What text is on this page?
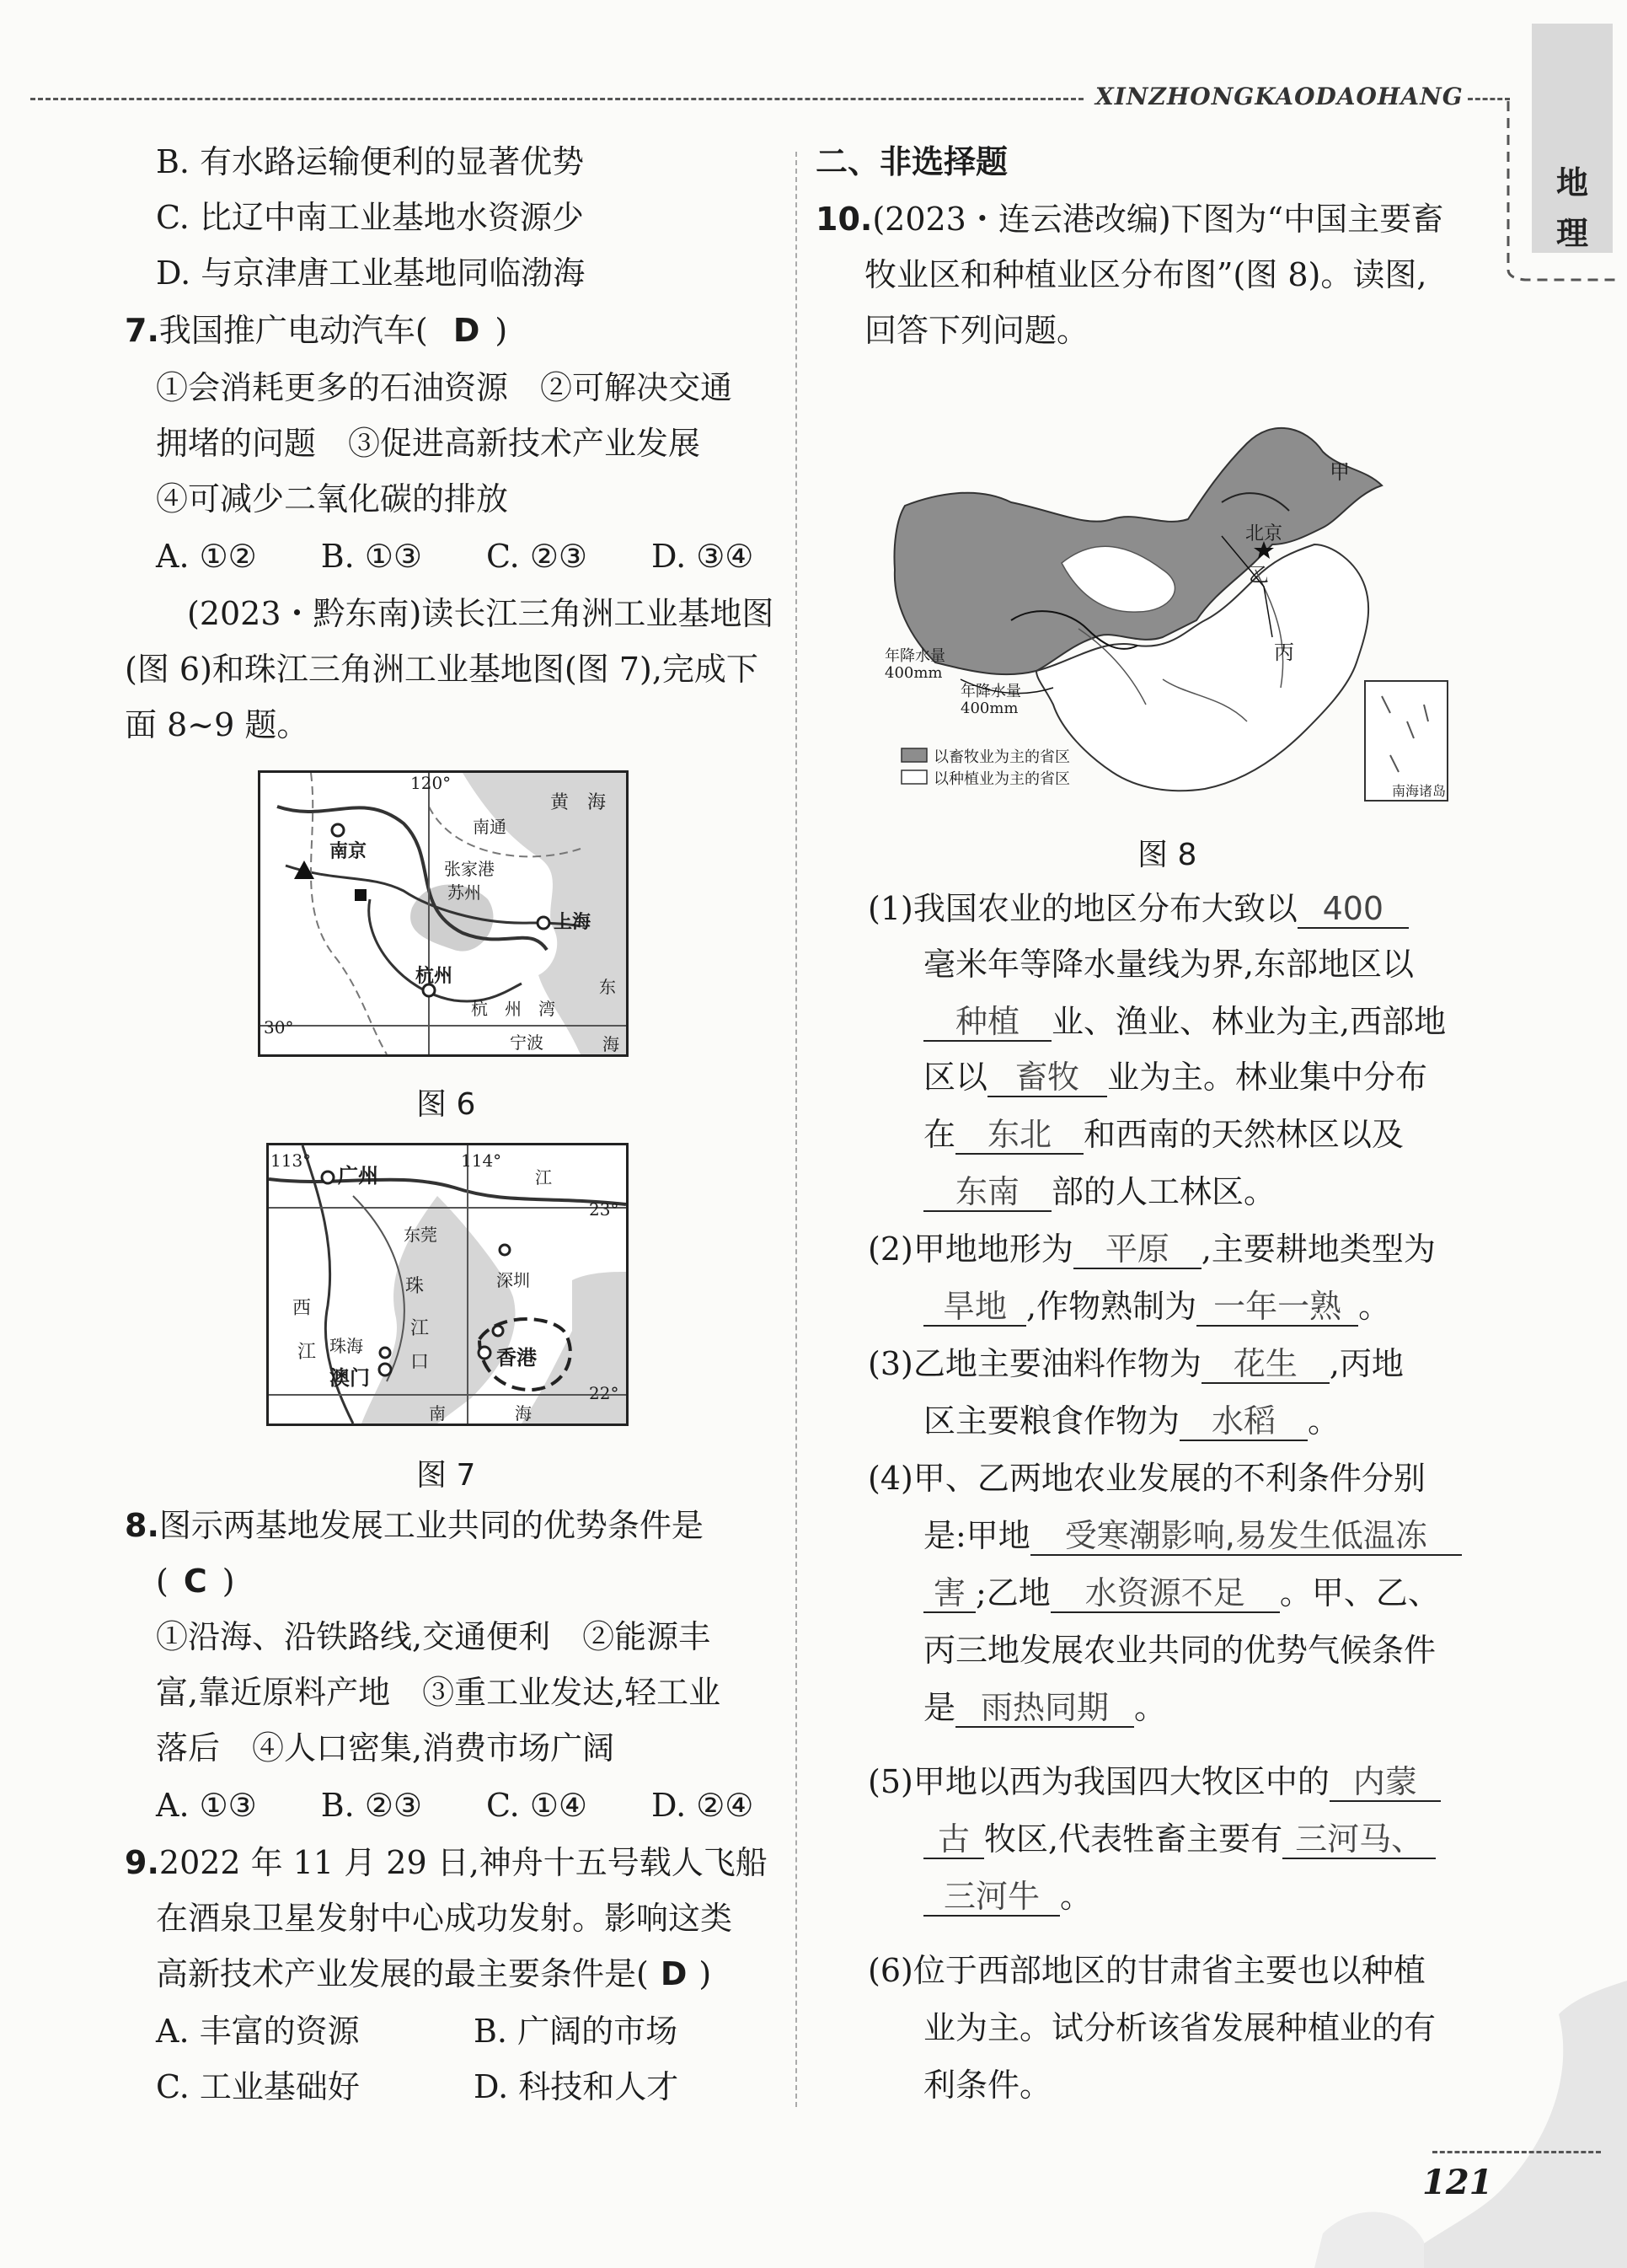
XINZHONGKAODAOHANG
地
理
B. 有水路运输便利的显著优势
C. 比辽中南工业基地水资源少
D. 与京津唐工业基地同临渤海
7.我国推广电动汽车( D )
①会消耗更多的石油资源　②可解决交通
拥堵的问题　③促进高新技术产业发展
④可减少二氧化碳的排放
A. ①②　　B. ①③　　C. ②③　　D. ③④
(2023・黔东南)读长江三角洲工业基地图
(图 6)和珠江三角洲工业基地图(图 7),完成下
面 8~9 题。
120°
30°
黄　海
南通
南京
张家港
苏州
上海
杭州
杭　州　湾
东
海
宁波
图 6
113°
广州
114°
江
23°
东莞
珠	深圳
西
江
珠海
江	口	香港
澳门
22°
南	海
图 7
8.图示两基地发展工业共同的优势条件是
( C )
①沿海、沿铁路线,交通便利　②能源丰
富,靠近原料产地　③重工业发达,轻工业
落后　④人口密集,消费市场广阔
A. ①③　　B. ②③　　C. ①④　　D. ②④
9.2022 年 11 月 29 日,神舟十五号载人飞船
在酒泉卫星发射中心成功发射。影响这类
高新技术产业发展的最主要条件是( D )
A. 丰富的资源	B. 广阔的市场
C. 工业基础好	D. 科技和人才
二、非选择题
10.(2023・连云港改编)下图为“中国主要畜
牧业区和种植业区分布图”(图 8)。读图,
回答下列问题。
甲
北京
乙
丙
年降水量
400mm
年降水量
400mm
南海诸岛
以畜牧业为主的省区
以种植业为主的省区
图 8
(1)我国农业的地区分布大致以 400
毫米年等降水量线为界,东部地区以
种植 业、渔业、林业为主,西部地
区以 畜牧 业为主。林业集中分布
在 东北 和西南的天然林区以及
东南 部的人工林区。
(2)甲地地形为 平原 ,主要耕地类型为
旱地 ,作物熟制为 一年一熟 。
(3)乙地主要油料作物为 花生 ,丙地
区主要粮食作物为 水稻 。
(4)甲、乙两地农业发展的不利条件分别
是:甲地 受寒潮影响,易发生低温冻
害 ;乙地 水资源不足 。甲、乙、
丙三地发展农业共同的优势气候条件
是 雨热同期 。
(5)甲地以西为我国四大牧区中的 内蒙
古 牧区,代表牲畜主要有 三河马、
三河牛 。
(6)位于西部地区的甘肃省主要也以种植
业为主。试分析该省发展种植业的有
利条件。
121
